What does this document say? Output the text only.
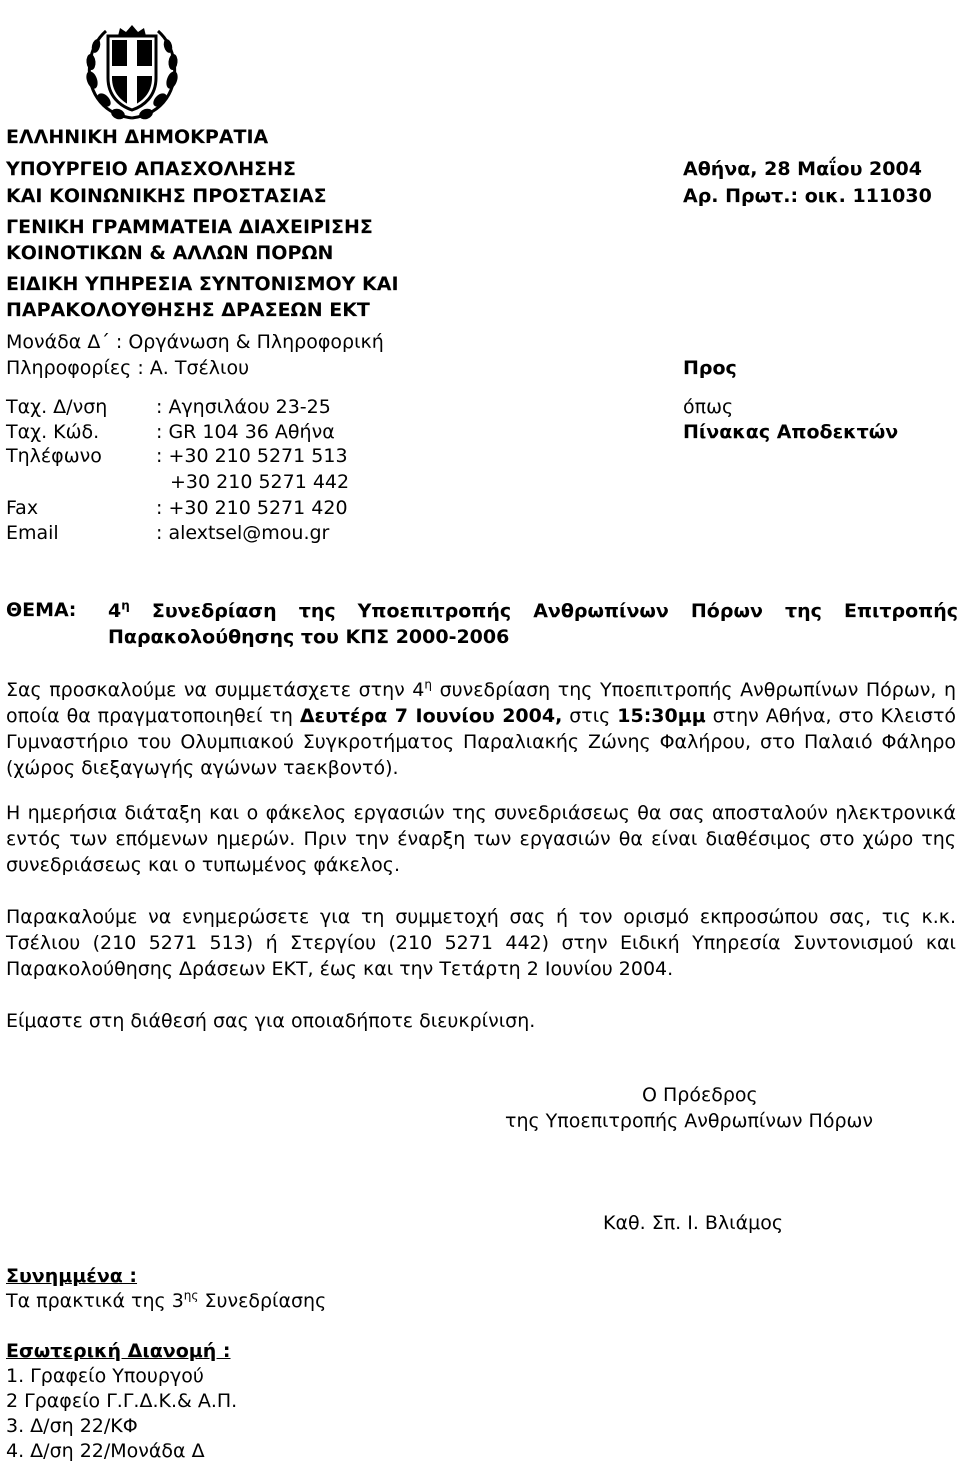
ΕΛΛΗΝΙΚΗ ΔΗΜΟΚΡΑΤΙΑ
ΥΠΟΥΡΓΕΙΟ ΑΠΑΣΧΟΛΗΣΗΣ
ΚΑΙ ΚΟΙΝΩΝΙΚΗΣ ΠΡΟΣΤΑΣΙΑΣ
ΓΕΝΙΚΗ ΓΡΑΜΜΑΤΕΙΑ ΔΙΑΧΕΙΡΙΣΗΣ
ΚΟΙΝΟΤΙΚΩΝ & ΑΛΛΩΝ ΠΟΡΩΝ
ΕΙΔΙΚΗ ΥΠΗΡΕΣΙΑ ΣΥΝΤΟΝΙΣΜΟΥ ΚΑΙ
ΠΑΡΑΚΟΛΟΥΘΗΣΗΣ ΔΡΑΣΕΩΝ ΕΚΤ
Μονάδα Δ΄ : Οργάνωση & Πληροφορική
Πληροφορίες : Α. Τσέλιου
Αθήνα, 28 Μαΐου 2004
Αρ. Πρωτ.: οικ. 111030
Προς
όπως
Πίνακας Αποδεκτών
Ταχ. Δ/νση	: Αγησιλάου 23-25
Ταχ. Κώδ.	: GR 104 36 Αθήνα
Τηλέφωνο	: +30 210 5271 513
+30 210 5271 442
Fax	: +30 210 5271 420
Email	: alextsel@mou.gr
ΘΕΜΑ: $4^\eta$ Συνεδρίαση της Υποεπιτροπής Ανθρωπίνων Πόρων της Επιτροπής Παρακολούθησης του ΚΠΣ 2000-2006
Σας προσκαλούμε να συμμετάσχετε στην $4^\eta$ συνεδρίαση της Υποεπιτροπής Ανθρωπίνων Πόρων, η οποία θα πραγματοποιηθεί τη Δευτέρα 7 Ιουνίου 2004, στις 15:30μμ στην Αθήνα, στο Κλειστό Γυμναστήριο του Ολυμπιακού Συγκροτήματος Παραλιακής Ζώνης Φαλήρου, στο Παλαιό Φάληρο (χώρος διεξαγωγής αγώνων τaεκβοντό).
Η ημερήσια διάταξη και ο φάκελος εργασιών της συνεδριάσεως θα σας αποσταλούν ηλεκτρονικά εντός των επόμενων ημερών. Πριν την έναρξη των εργασιών θα είναι διαθέσιμος στο χώρο της συνεδριάσεως και ο τυπωμένος φάκελος.
Παρακαλούμε να ενημερώσετε για τη συμμετοχή σας ή τον ορισμό εκπροσώπου σας, τις κ.κ. Τσέλιου (210 5271 513) ή Στεργίου (210 5271 442) στην Ειδική Υπηρεσία Συντονισμού και Παρακολούθησης Δράσεων ΕΚΤ, έως και την Τετάρτη 2 Ιουνίου 2004.
Είμαστε στη διάθεσή σας για οποιαδήποτε διευκρίνιση.
Ο Πρόεδρος
της Υποεπιτροπής Ανθρωπίνων Πόρων
Καθ. Σπ. Ι. Βλιάμος
Συνημμένα :
Τα πρακτικά της $3^{\eta\varsigma}$ Συνεδρίασης
Εσωτερική Διανομή :
1. Γραφείο Υπουργού
2 Γραφείο Γ.Γ.Δ.Κ.& Α.Π.
3. Δ/ση 22/ΚΦ
4. Δ/ση 22/Μονάδα Δ
